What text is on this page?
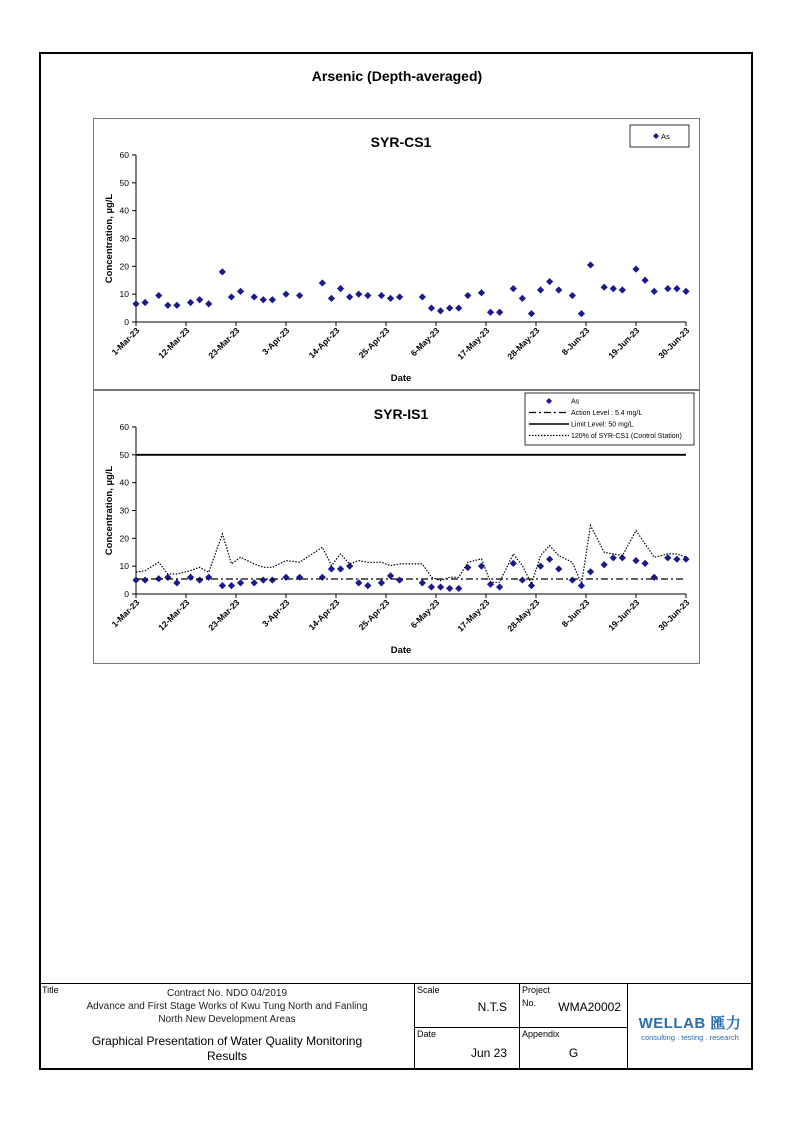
Arsenic (Depth-averaged)
SYR-CS1
0
10
20
30
40
50
60
Concentration, µg/L
1-Mar-23 12-Mar-23 23-Mar-23 3-Apr-23 14-Apr-23 25-Apr-23 6-May-23 17-May-23 28-May-23 8-Jun-23 19-Jun-23 30-Jun-23
Date
As
SYR-IS1
0
10
20
30
40
50
60
Concentration, µg/L
1-Mar-23 12-Mar-23 23-Mar-23 3-Apr-23 14-Apr-23 25-Apr-23 6-May-23 17-May-23 28-May-23 8-Jun-23 19-Jun-23 30-Jun-23
Date
As
Action Level : 5.4 mg/L
Limit Level: 50 mg/L
120% of SYR-CS1 (Control Station)
Title	Contract No. NDO 04/2019
Advance and First Stage Works of Kwu Tung North and Fanling
North New Development Areas
Graphical Presentation of Water Quality Monitoring
Results
Scale
N.T.S
Date
Jun 23
Project
No. WMA20002
Appendix
G
WELLAB 匯力
consulting . testing . research
